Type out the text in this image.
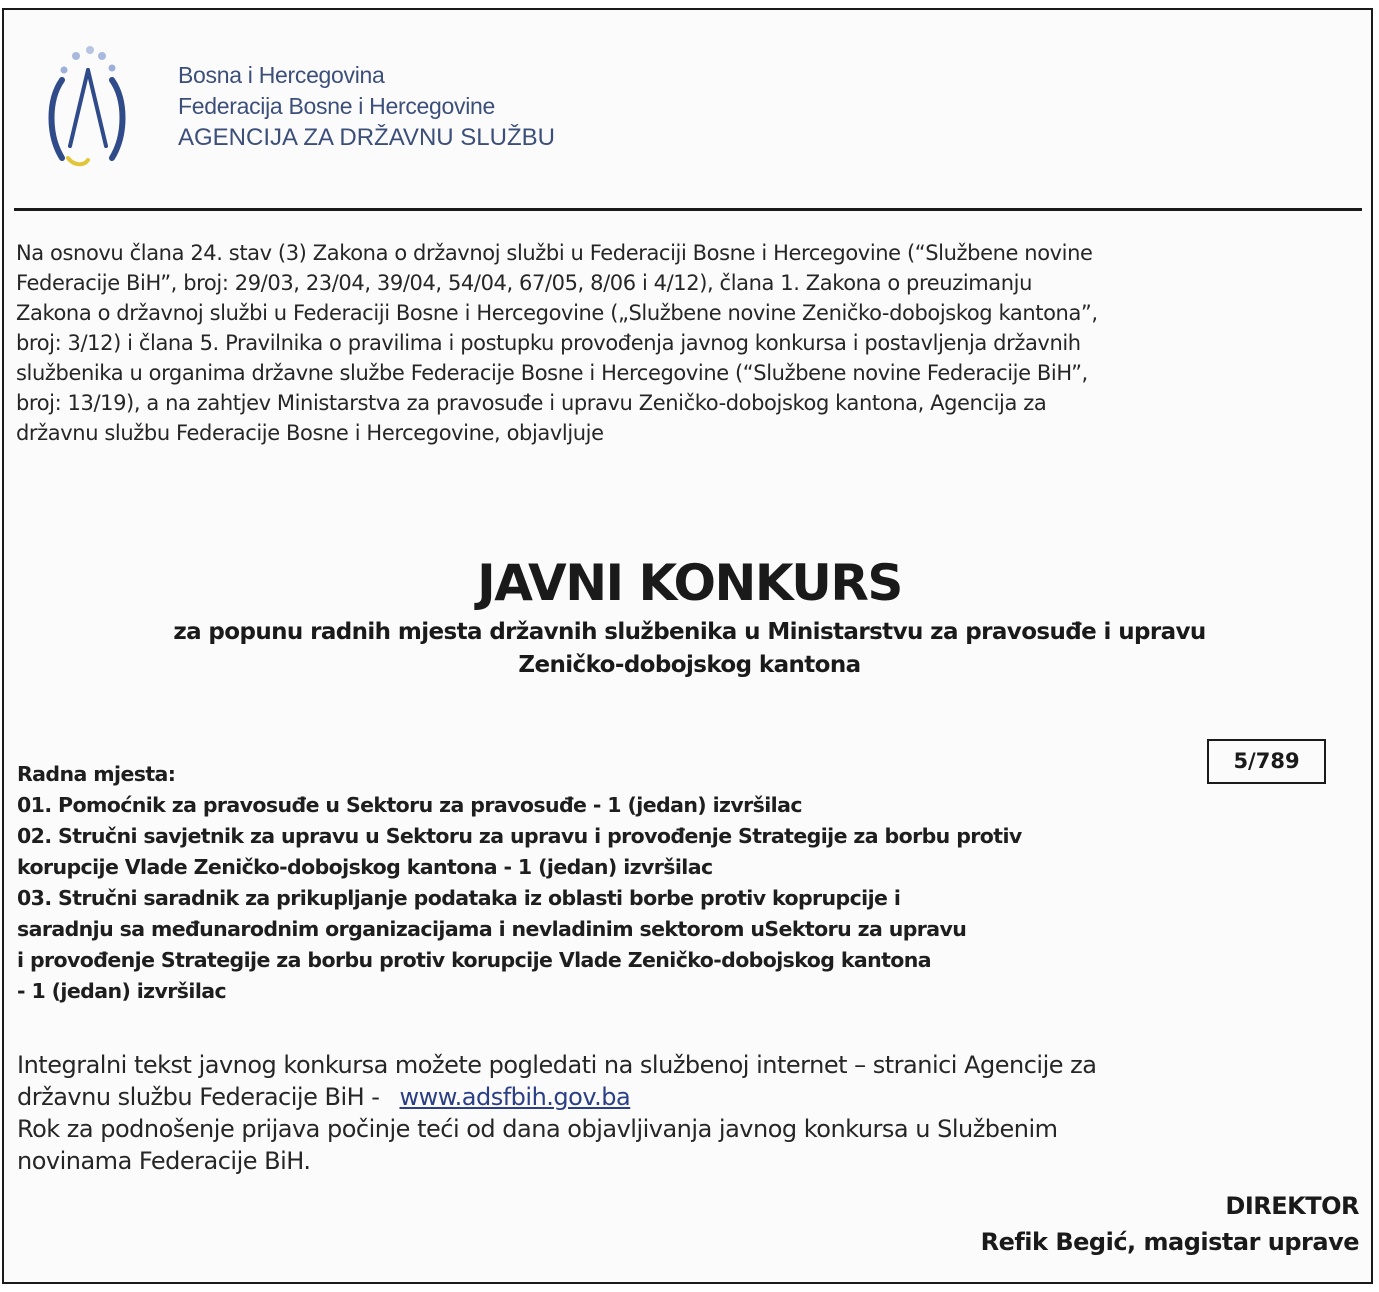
Bosna i Hercegovina
Federacija Bosne i Hercegovine
AGENCIJA ZA DRŽAVNU SLUŽBU
Na osnovu člana 24. stav (3) Zakona o državnoj službi u Federaciji Bosne i Hercegovine (“Službene novine
Federacije BiH”, broj: 29/03, 23/04, 39/04, 54/04, 67/05, 8/06 i 4/12), člana 1. Zakona o preuzimanju
Zakona o državnoj službi u Federaciji Bosne i Hercegovine („Službene novine Zeničko-dobojskog kantona”,
broj: 3/12) i člana 5. Pravilnika o pravilima i postupku provođenja javnog konkursa i postavljenja državnih
službenika u organima državne službe Federacije Bosne i Hercegovine (“Službene novine Federacije BiH”,
broj: 13/19), a na zahtjev Ministarstva za pravosuđe i upravu Zeničko-dobojskog kantona, Agencija za
državnu službu Federacije Bosne i Hercegovine, objavljuje
JAVNI KONKURS
za popunu radnih mjesta državnih službenika u Ministarstvu za pravosuđe i upravu
Zeničko-dobojskog kantona
5/789
Radna mjesta:
01. Pomoćnik za pravosuđe u Sektoru za pravosuđe - 1 (jedan) izvršilac
02. Stručni savjetnik za upravu u Sektoru za upravu i provođenje Strategije za borbu protiv
korupcije Vlade Zeničko-dobojskog kantona - 1 (jedan) izvršilac
03. Stručni saradnik za prikupljanje podataka iz oblasti borbe protiv koprupcije i
saradnju sa međunarodnim organizacijama i nevladinim sektorom uSektoru za upravu
i provođenje Strategije za borbu protiv korupcije Vlade Zeničko-dobojskog kantona
- 1 (jedan) izvršilac
Integralni tekst javnog konkursa možete pogledati na službenoj internet – stranici Agencije za
državnu službu Federacije BiH - www.adsfbih.gov.ba
Rok za podnošenje prijava počinje teći od dana objavljivanja javnog konkursa u Službenim
novinama Federacije BiH.
DIREKTOR
Refik Begić, magistar uprave
